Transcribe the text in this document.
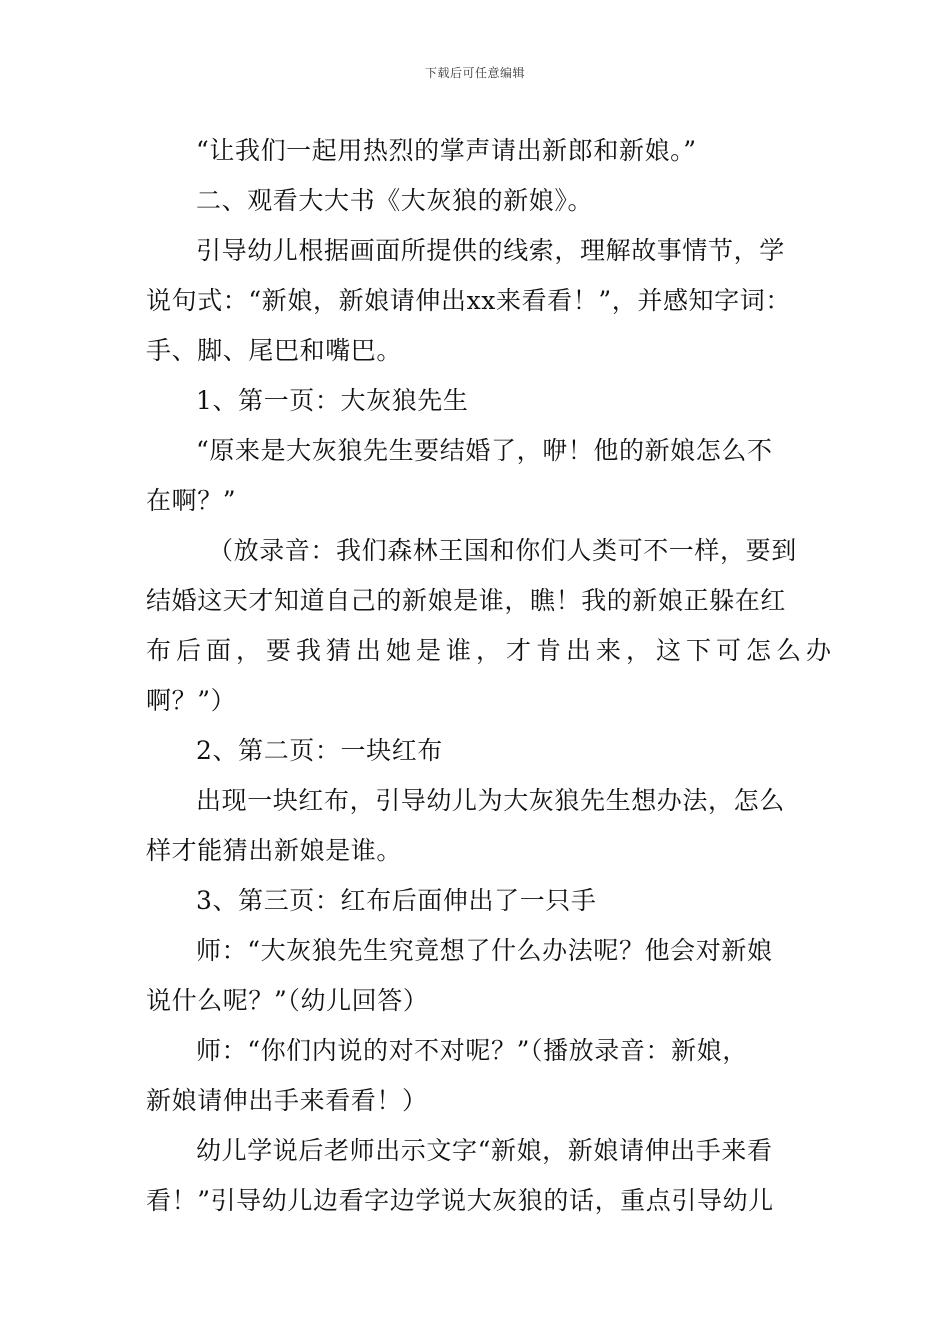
下载后可任意编辑
“让我们一起用热烈的掌声请出新郎和新娘。”
二、观看大大书《大灰狼的新娘》。
引导幼儿根据画面所提供的线索，理解故事情节，学
说句式：“新娘，新娘请伸出xx来看看！”，并感知字词：
手、脚、尾巴和嘴巴。
1、第一页：大灰狼先生
“原来是大灰狼先生要结婚了，咿！他的新娘怎么不
在啊？”
（放录音：我们森林王国和你们人类可不一样，要到
结婚这天才知道自己的新娘是谁，瞧！我的新娘正躲在红
布后面，要我猜出她是谁，才肯出来，这下可怎么办
啊？”）
2、第二页：一块红布
出现一块红布，引导幼儿为大灰狼先生想办法，怎么
样才能猜出新娘是谁。
3、第三页：红布后面伸出了一只手
师：“大灰狼先生究竟想了什么办法呢？他会对新娘
说什么呢？”（幼儿回答）
师：“你们内说的对不对呢？”（播放录音：新娘，
新娘请伸出手来看看！）
幼儿学说后老师出示文字“新娘，新娘请伸出手来看
看！”引导幼儿边看字边学说大灰狼的话，重点引导幼儿
